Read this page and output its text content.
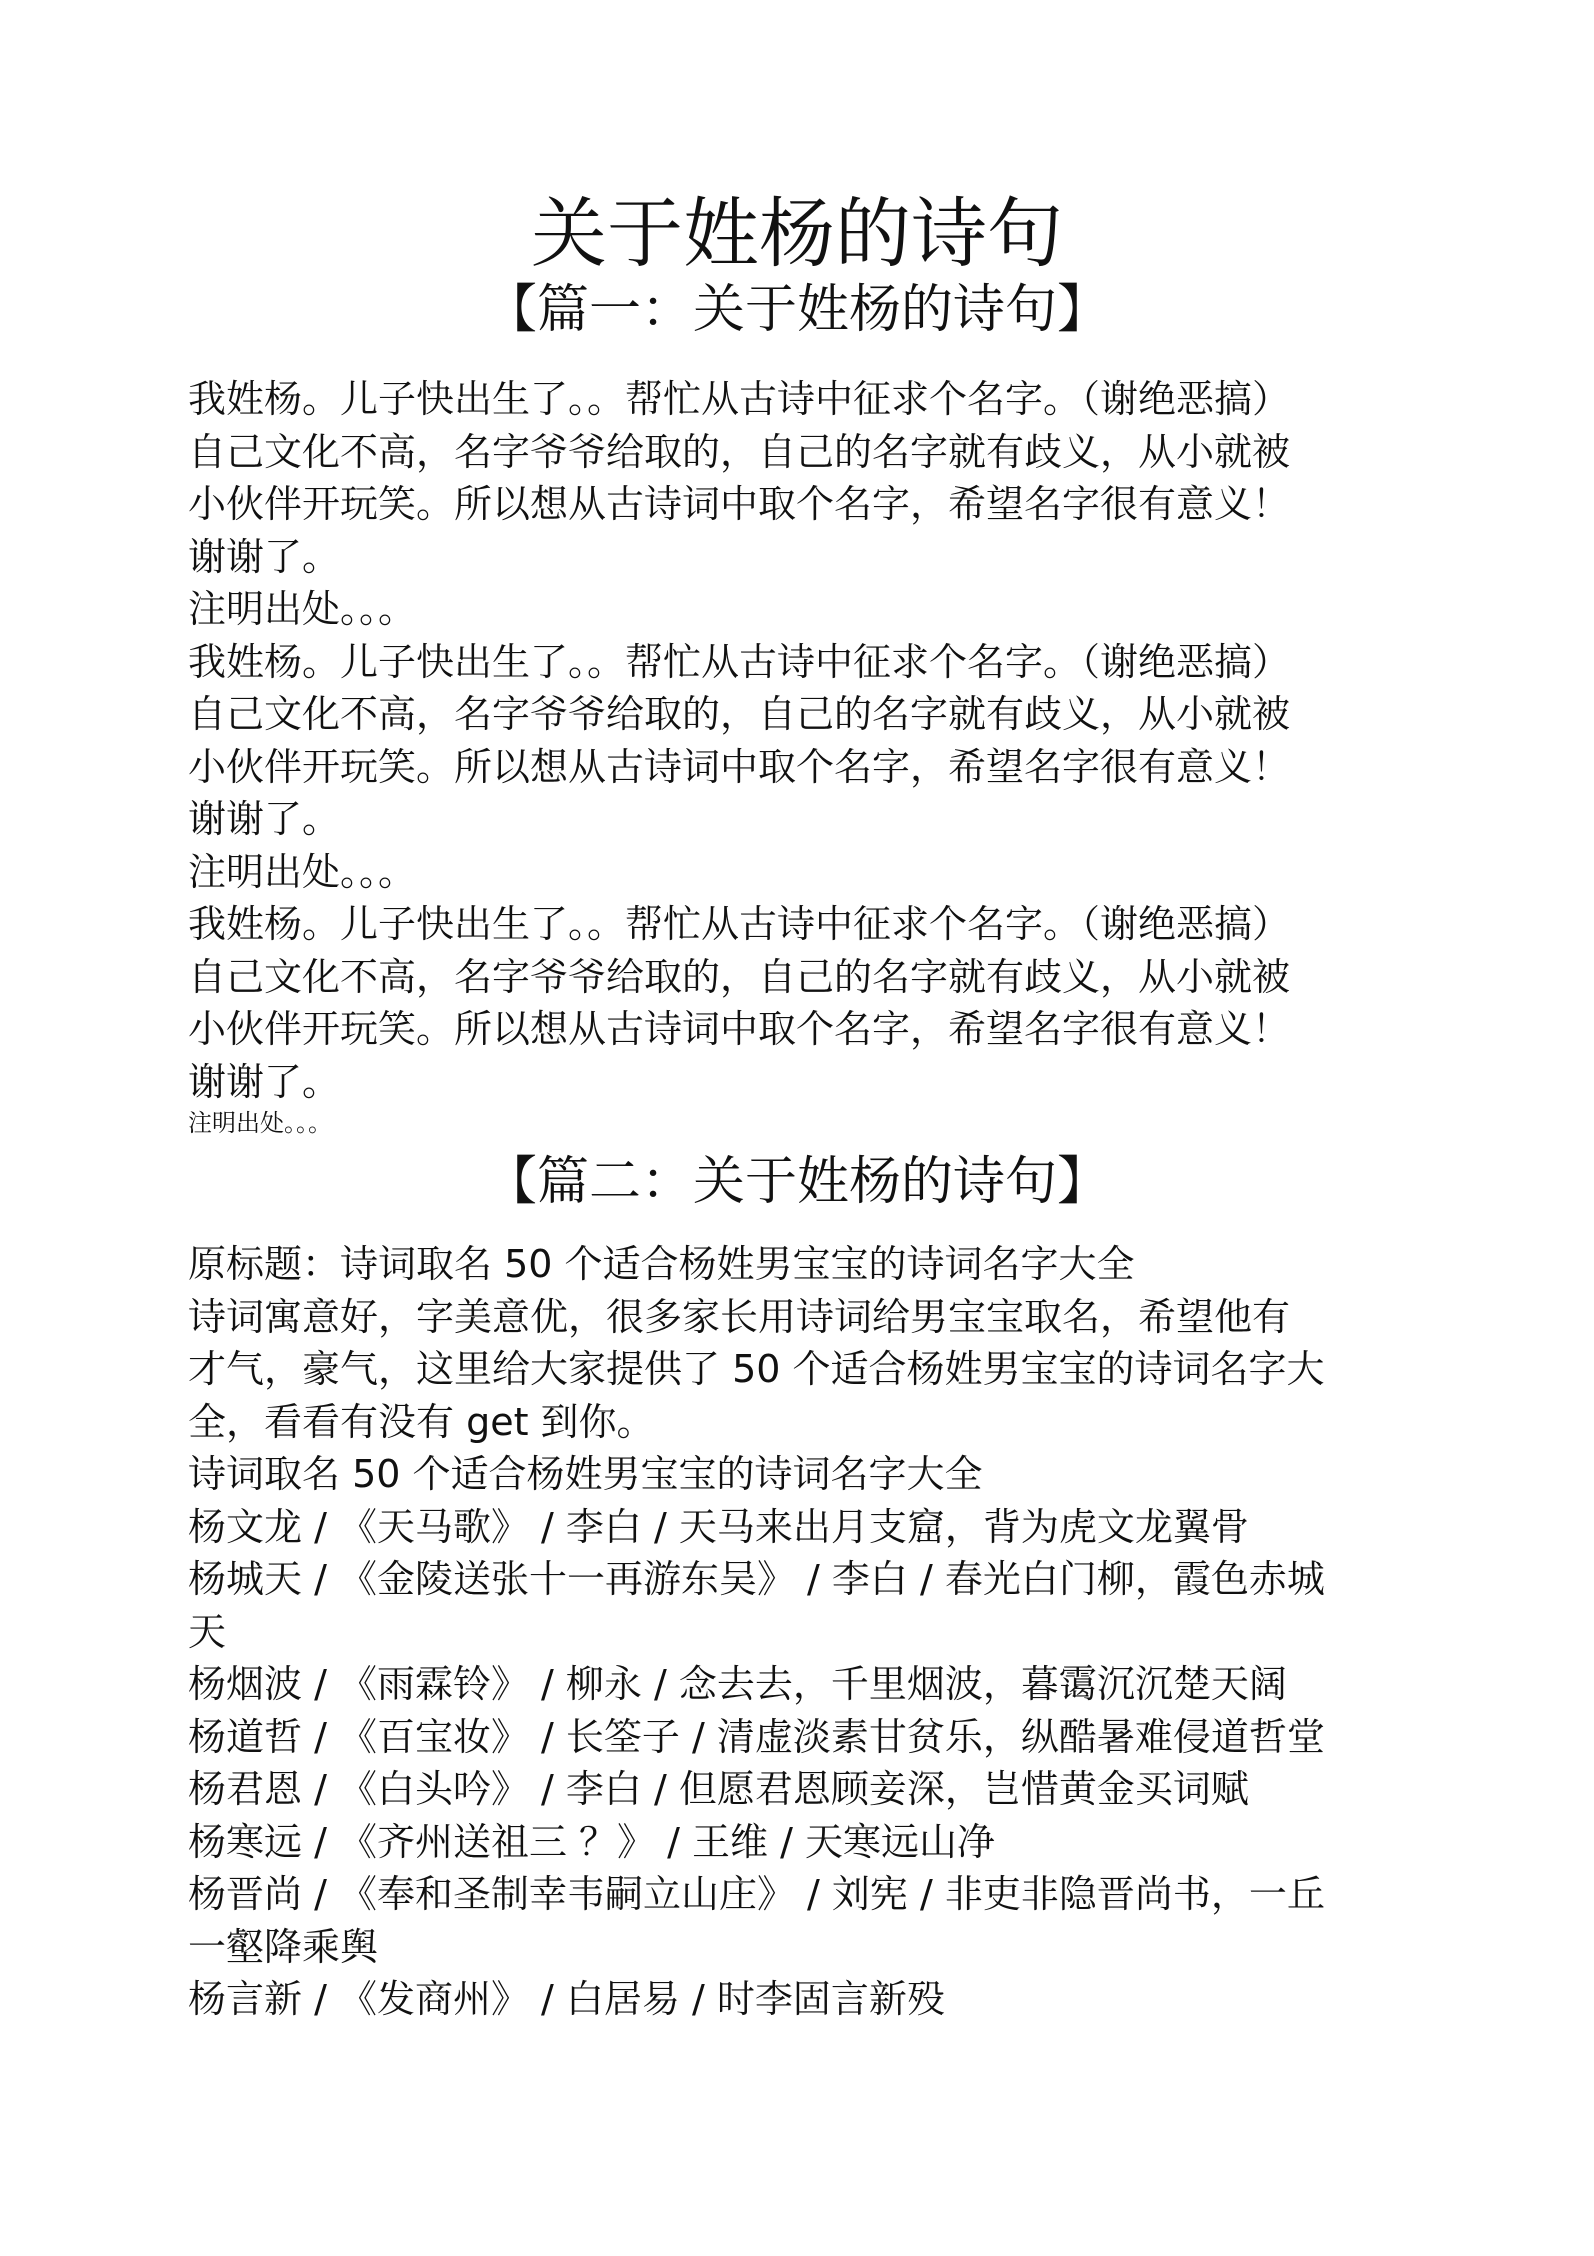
关于姓杨的诗句
【篇一：关于姓杨的诗句】
我姓杨。儿子快出生了。。帮忙从古诗中征求个名字。（谢绝恶搞）
自己文化不高，名字爷爷给取的，自己的名字就有歧义，从小就被
小伙伴开玩笑。所以想从古诗词中取个名字，希望名字很有意义！
谢谢了。
注明出处。。。
我姓杨。儿子快出生了。。帮忙从古诗中征求个名字。（谢绝恶搞）
自己文化不高，名字爷爷给取的，自己的名字就有歧义，从小就被
小伙伴开玩笑。所以想从古诗词中取个名字，希望名字很有意义！
谢谢了。
注明出处。。。
我姓杨。儿子快出生了。。帮忙从古诗中征求个名字。（谢绝恶搞）
自己文化不高，名字爷爷给取的，自己的名字就有歧义，从小就被
小伙伴开玩笑。所以想从古诗词中取个名字，希望名字很有意义！
谢谢了。
注明出处。。。
【篇二：关于姓杨的诗句】
原标题：诗词取名 50 个适合杨姓男宝宝的诗词名字大全
诗词寓意好，字美意优，很多家长用诗词给男宝宝取名，希望他有
才气，豪气，这里给大家提供了 50 个适合杨姓男宝宝的诗词名字大
全，看看有没有 get 到你。
诗词取名 50 个适合杨姓男宝宝的诗词名字大全
杨文龙 / 《天马歌》 / 李白 / 天马来出月支窟，背为虎文龙翼骨
杨城天 / 《金陵送张十一再游东吴》 / 李白 / 春光白门柳，霞色赤城
天
杨烟波 / 《雨霖铃》 / 柳永 / 念去去，千里烟波，暮霭沉沉楚天阔
杨道哲 / 《百宝妆》 / 长筌子 / 清虚淡素甘贫乐，纵酷暑难侵道哲堂
杨君恩 / 《白头吟》 / 李白 / 但愿君恩顾妾深，岂惜黄金买词赋
杨寒远 / 《齐州送祖三 ？》 / 王维 / 天寒远山净
杨晋尚 / 《奉和圣制幸韦嗣立山庄》 / 刘宪 / 非吏非隐晋尚书，一丘
一壑降乘舆
杨言新 / 《发商州》 / 白居易 / 时李固言新殁
